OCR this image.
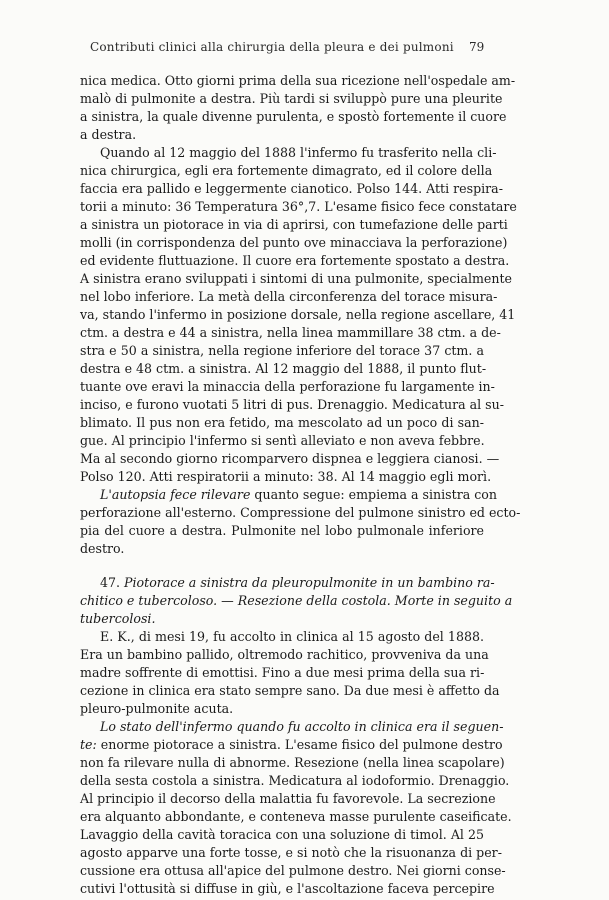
Contributi clinici alla chirurgia della pleura e dei pulmoni	79
nica medica. Otto giorni prima della sua ricezione nell'ospedale am-
malò di pulmonite a destra. Più tardi si sviluppò pure una pleurite
a sinistra, la quale divenne purulenta, e spostò fortemente il cuore
a destra.
Quando al 12 maggio del 1888 l'infermo fu trasferito nella cli-
nica chirurgica, egli era fortemente dimagrato, ed il colore della
faccia era pallido e leggermente cianotico. Polso 144. Atti respira-
torii a minuto: 36 Temperatura 36°,7. L'esame fisico fece constatare
a sinistra un piotorace in via di aprirsi, con tumefazione delle parti
molli (in corrispondenza del punto ove minacciava la perforazione)
ed evidente fluttuazione. Il cuore era fortemente spostato a destra.
A sinistra erano sviluppati i sintomi di una pulmonite, specialmente
nel lobo inferiore. La metà della circonferenza del torace misura-
va, stando l'infermo in posizione dorsale, nella regione ascellare, 41
ctm. a destra e 44 a sinistra, nella linea mammillare 38 ctm. a de-
stra e 50 a sinistra, nella regione inferiore del torace 37 ctm. a
destra e 48 ctm. a sinistra. Al 12 maggio del 1888, il punto flut-
tuante ove eravi la minaccia della perforazione fu largamente in-
inciso, e furono vuotati 5 litri di pus. Drenaggio. Medicatura al su-
blimato. Il pus non era fetido, ma mescolato ad un poco di san-
gue. Al principio l'infermo si sentì alleviato e non aveva febbre.
Ma al secondo giorno ricomparvero dispnea e leggiera cianosi. —
Polso 120. Atti respiratorii a minuto: 38. Al 14 maggio egli morì.
L'autopsia fece rilevare quanto segue: empiema a sinistra con
perforazione all'esterno. Compressione del pulmone sinistro ed ecto-
pia del cuore a destra. Pulmonite nel lobo pulmonale inferiore
destro.
47. Piotorace a sinistra da pleuropulmonite in un bambino ra-
chitico e tubercoloso. — Resezione della costola. Morte in seguito a
tubercolosi.
E. K., di mesi 19, fu accolto in clinica al 15 agosto del 1888.
Era un bambino pallido, oltremodo rachitico, provveniva da una
madre soffrente di emottisi. Fino a due mesi prima della sua ri-
cezione in clinica era stato sempre sano. Da due mesi è affetto da
pleuro-pulmonite acuta.
Lo stato dell'infermo quando fu accolto in clinica era il seguen-
te: enorme piotorace a sinistra. L'esame fisico del pulmone destro
non fa rilevare nulla di abnorme. Resezione (nella linea scapolare)
della sesta costola a sinistra. Medicatura al iodoformio. Drenaggio.
Al principio il decorso della malattia fu favorevole. La secrezione
era alquanto abbondante, e conteneva masse purulente caseificate.
Lavaggio della cavità toracica con una soluzione di timol. Al 25
agosto apparve una forte tosse, e si notò che la risuonanza di per-
cussione era ottusa all'apice del pulmone destro. Nei giorni conse-
cutivi l'ottusità si diffuse in giù, e l'ascoltazione faceva percepire
